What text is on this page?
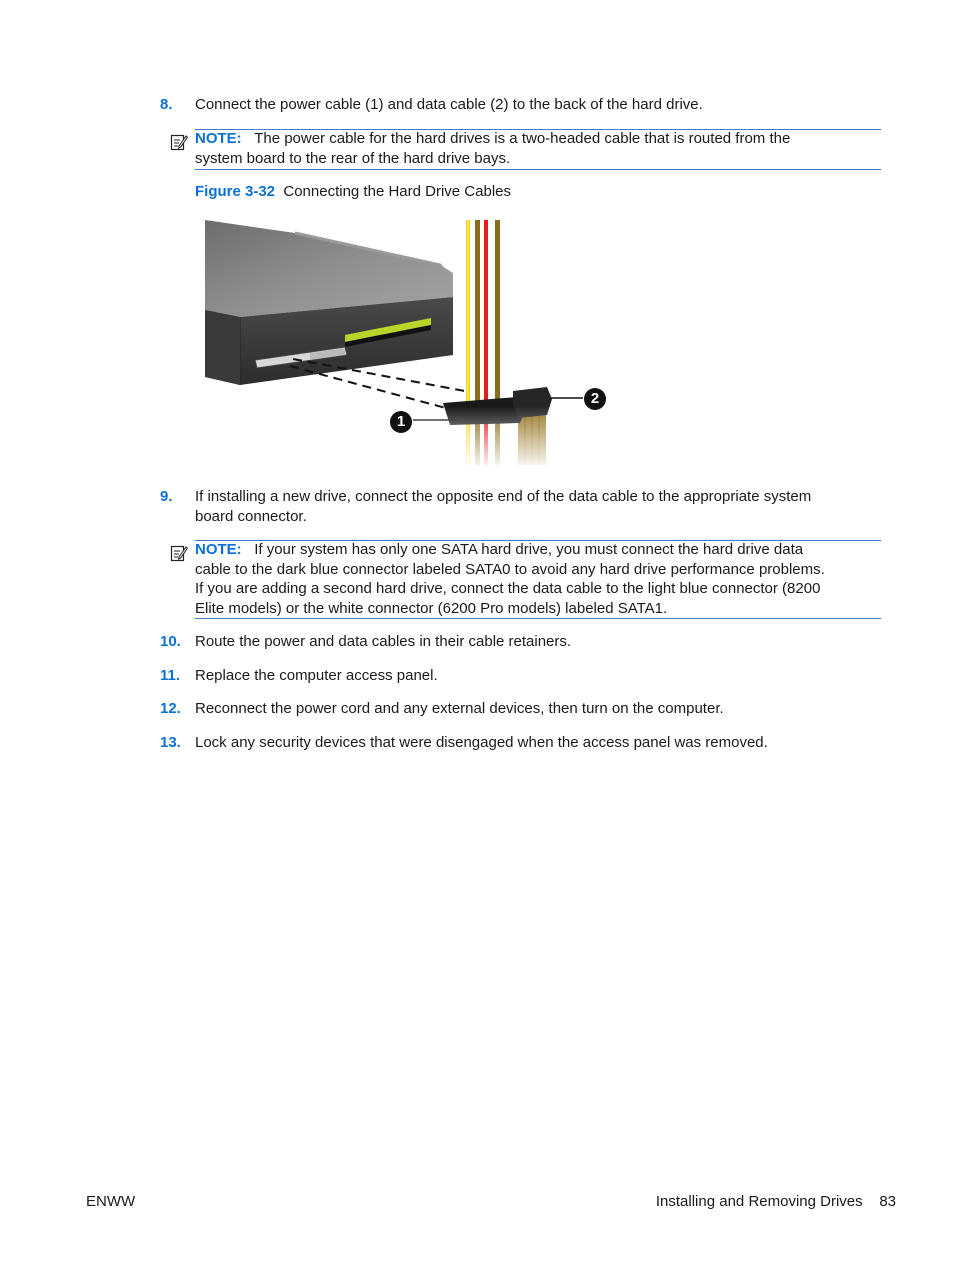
8. Connect the power cable (1) and data cable (2) to the back of the hard drive.
NOTE: The power cable for the hard drives is a two-headed cable that is routed from the
system board to the rear of the hard drive bays.
Figure 3-32 Connecting the Hard Drive Cables
1
2
9. If installing a new drive, connect the opposite end of the data cable to the appropriate system
board connector.
NOTE: If your system has only one SATA hard drive, you must connect the hard drive data
cable to the dark blue connector labeled SATA0 to avoid any hard drive performance problems.
If you are adding a second hard drive, connect the data cable to the light blue connector (8200
Elite models) or the white connector (6200 Pro models) labeled SATA1.
10. Route the power and data cables in their cable retainers.
11. Replace the computer access panel.
12. Reconnect the power cord and any external devices, then turn on the computer.
13. Lock any security devices that were disengaged when the access panel was removed.
ENWW	Installing and Removing Drives 83
